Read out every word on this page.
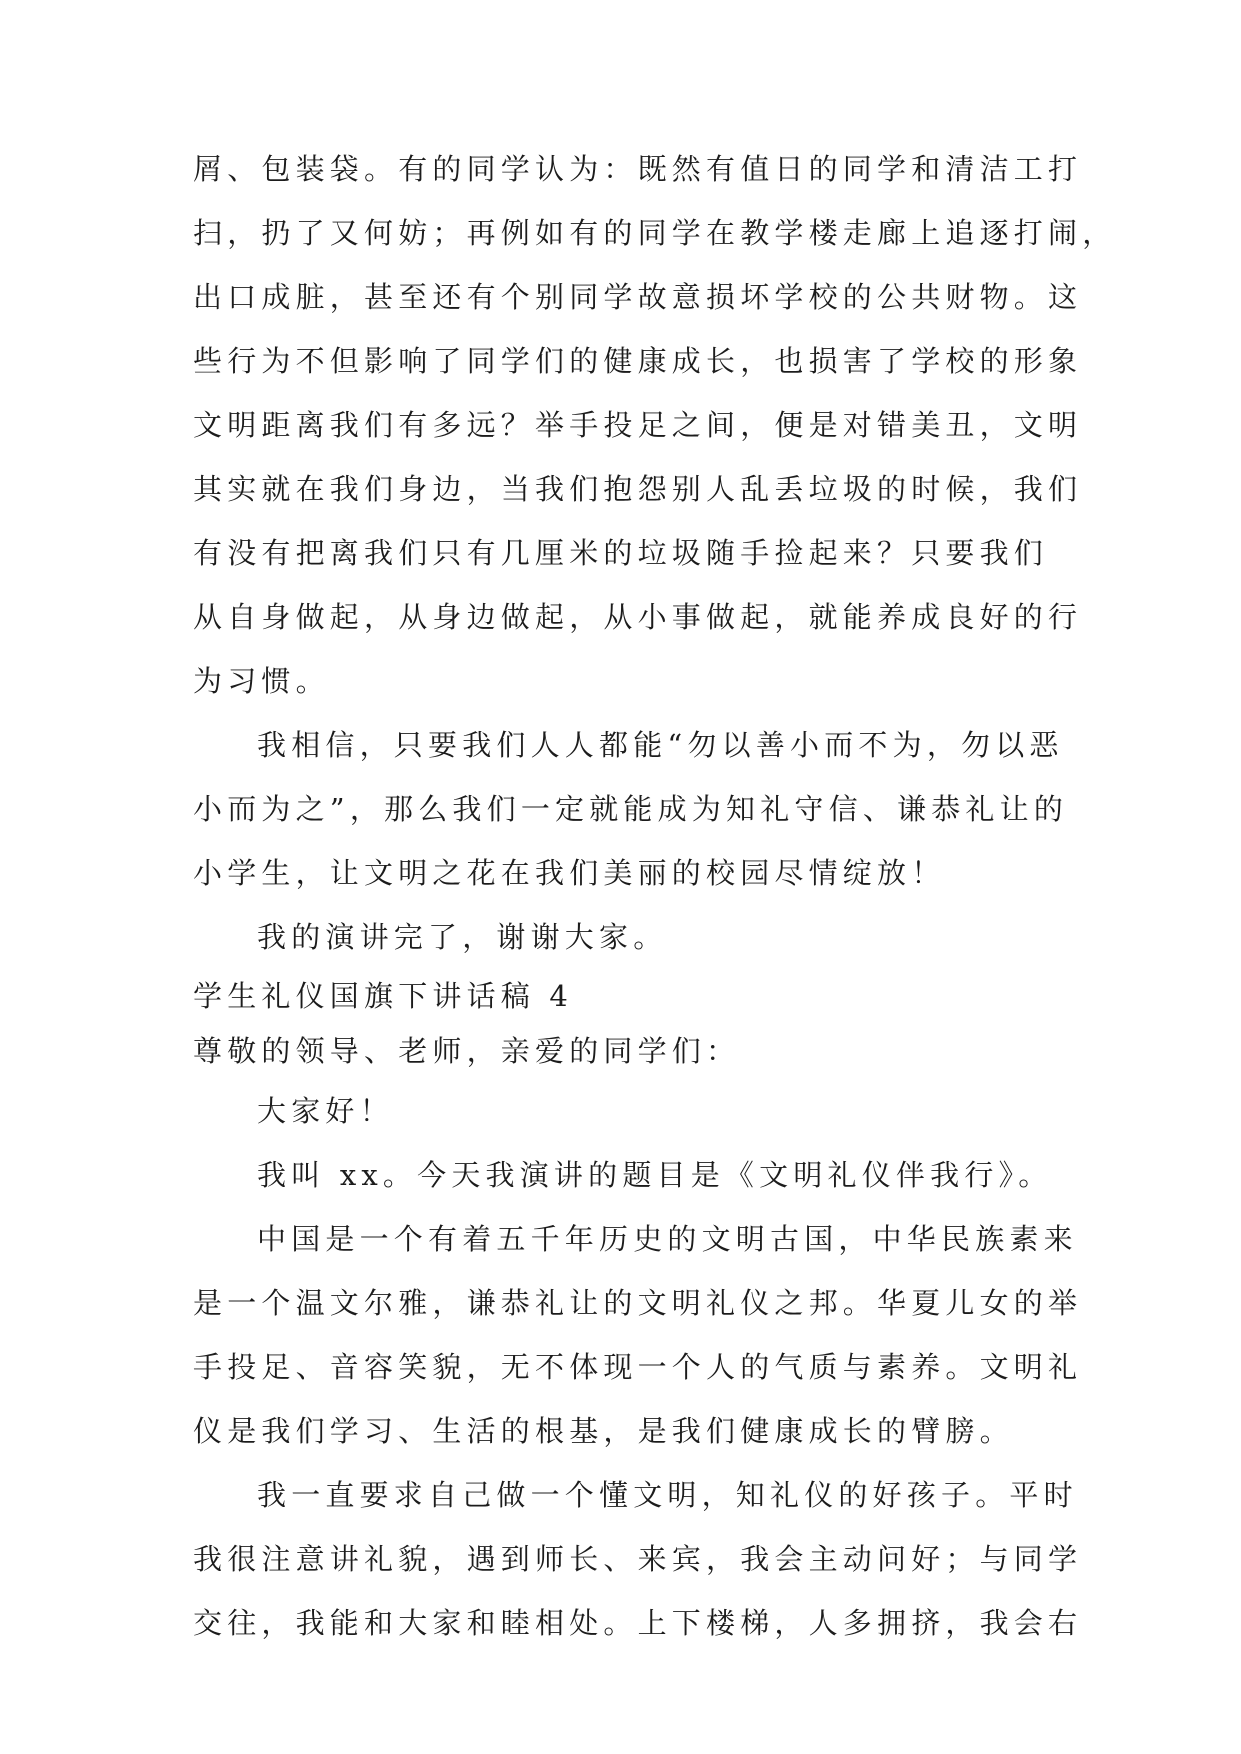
屑、包装袋。有的同学认为：既然有值日的同学和清洁工打
扫，扔了又何妨；再例如有的同学在教学楼走廊上追逐打闹，
出口成脏，甚至还有个别同学故意损坏学校的公共财物。这
些行为不但影响了同学们的健康成长，也损害了学校的形象
文明距离我们有多远？举手投足之间，便是对错美丑，文明
其实就在我们身边，当我们抱怨别人乱丢垃圾的时候，我们
有没有把离我们只有几厘米的垃圾随手捡起来？只要我们
从自身做起，从身边做起，从小事做起，就能养成良好的行
为习惯。
我相信，只要我们人人都能“勿以善小而不为，勿以恶
小而为之”，那么我们一定就能成为知礼守信、谦恭礼让的
小学生，让文明之花在我们美丽的校园尽情绽放！
我的演讲完了，谢谢大家。
学生礼仪国旗下讲话稿 4
尊敬的领导、老师，亲爱的同学们：
大家好！
我叫 xx。今天我演讲的题目是《文明礼仪伴我行》。
中国是一个有着五千年历史的文明古国，中华民族素来
是一个温文尔雅，谦恭礼让的文明礼仪之邦。华夏儿女的举
手投足、音容笑貌，无不体现一个人的气质与素养。文明礼
仪是我们学习、生活的根基，是我们健康成长的臂膀。
我一直要求自己做一个懂文明，知礼仪的好孩子。平时
我很注意讲礼貌，遇到师长、来宾，我会主动问好；与同学
交往，我能和大家和睦相处。上下楼梯，人多拥挤，我会右
